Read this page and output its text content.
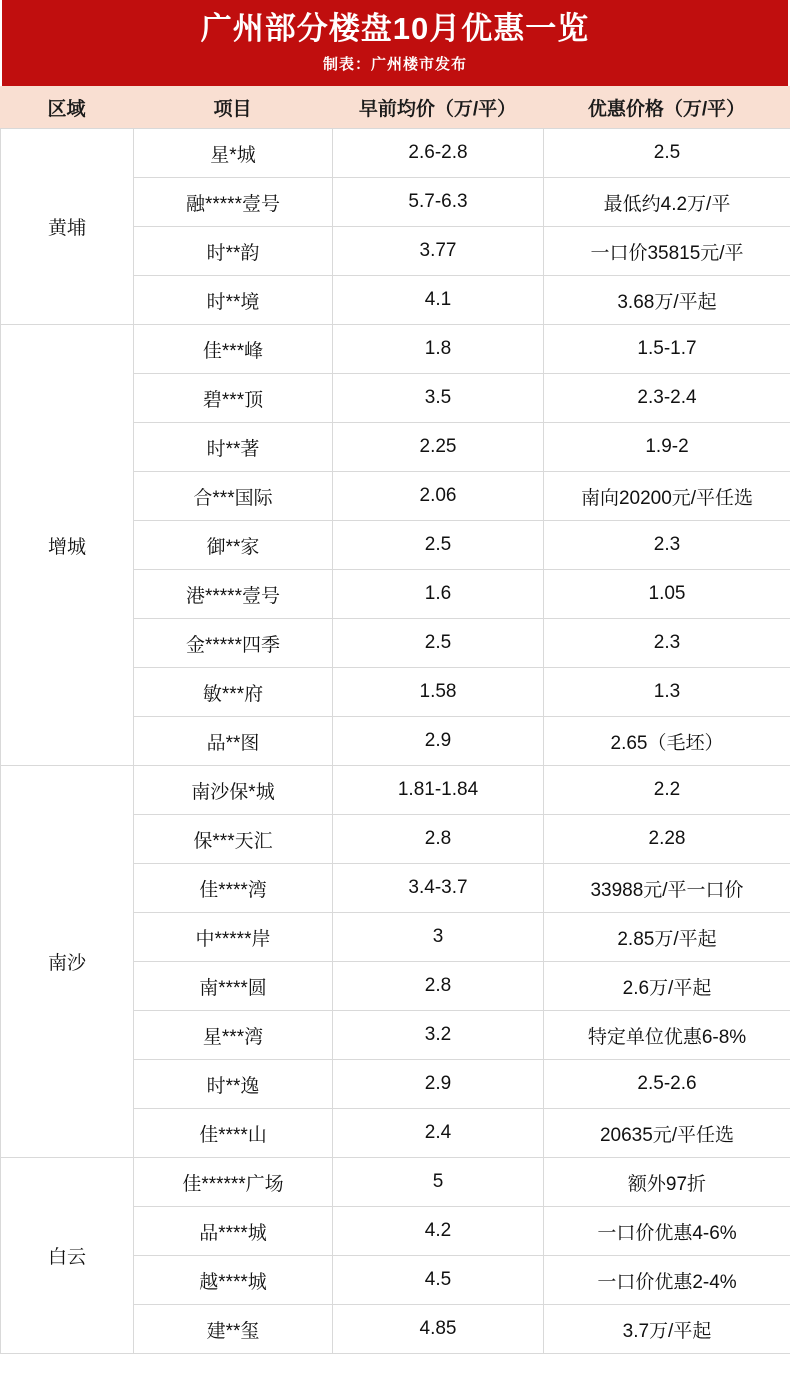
广州部分楼盘10月优惠一览
制表：广州楼市发布
区域	项目	早前均价（万/平）	优惠价格（万/平）
黄埔	星*城	2.6-2.8	2.5
	融*****壹号	5.7-6.3	最低约4.2万/平
	时**韵	3.77	一口价35815元/平
	时**境	4.1	3.68万/平起
增城	佳***峰	1.8	1.5-1.7
	碧***顶	3.5	2.3-2.4
	时**著	2.25	1.9-2
	合***国际	2.06	南向20200元/平任选
	御**家	2.5	2.3
	港*****壹号	1.6	1.05
	金*****四季	2.5	2.3
	敏***府	1.58	1.3
	品**图	2.9	2.65（毛坯）
南沙	南沙保*城	1.81-1.84	2.2
	保***天汇	2.8	2.28
	佳****湾	3.4-3.7	33988元/平一口价
	中*****岸	3	2.85万/平起
	南****圆	2.8	2.6万/平起
	星***湾	3.2	特定单位优惠6-8%
	时**逸	2.9	2.5-2.6
	佳****山	2.4	20635元/平任选
白云	佳******广场	5	额外97折
	品****城	4.2	一口价优惠4-6%
	越****城	4.5	一口价优惠2-4%
	建**玺	4.85	3.7万/平起
